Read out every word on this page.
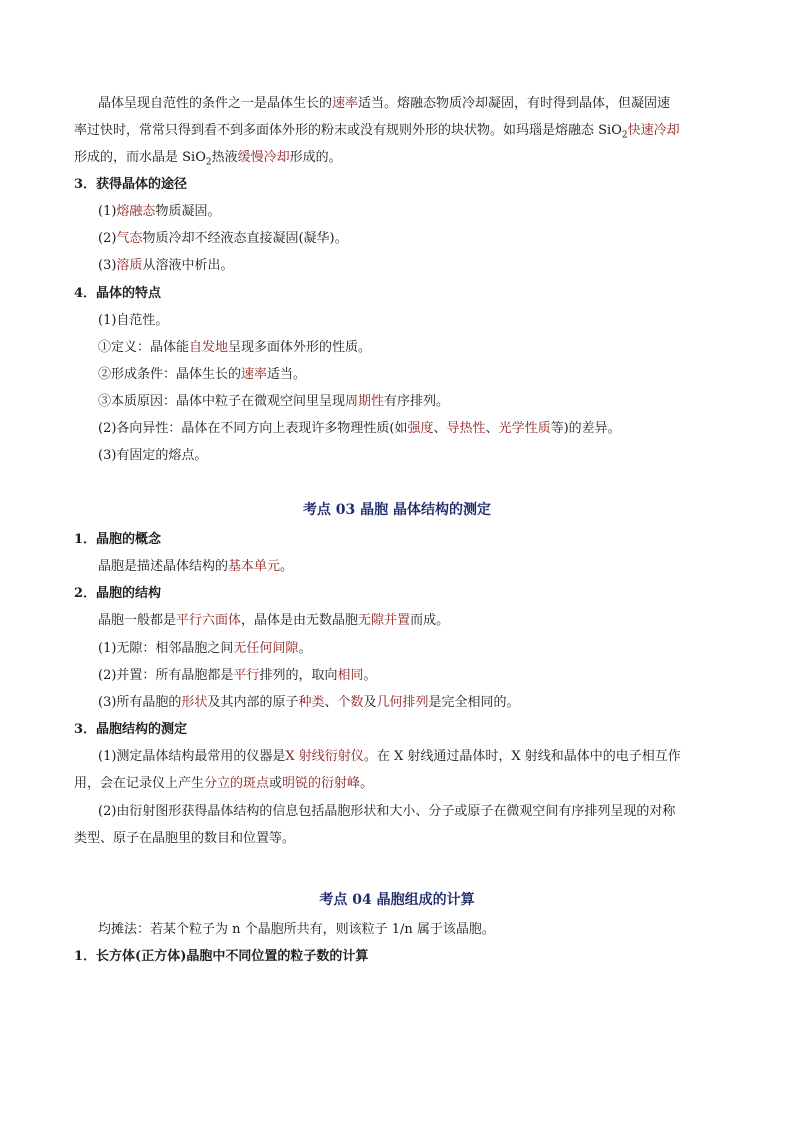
晶体呈现自范性的条件之一是晶体生长的速率适当。熔融态物质冷却凝固，有时得到晶体，但凝固速
率过快时，常常只得到看不到多面体外形的粉末或没有规则外形的块状物。如玛瑙是熔融态 SiO$_2$快速冷却
形成的，而水晶是 SiO$_2$热液缓慢冷却形成的。
3．获得晶体的途径
(1)熔融态物质凝固。
(2)气态物质冷却不经液态直接凝固(凝华)。
(3)溶质从溶液中析出。
4．晶体的特点
(1)自范性。
①定义：晶体能自发地呈现多面体外形的性质。
②形成条件：晶体生长的速率适当。
③本质原因：晶体中粒子在微观空间里呈现周期性有序排列。
(2)各向异性：晶体在不同方向上表现许多物理性质(如强度、导热性、光学性质等)的差异。
(3)有固定的熔点。
考点 03 晶胞 晶体结构的测定
1．晶胞的概念
晶胞是描述晶体结构的基本单元。
2．晶胞的结构
晶胞一般都是平行六面体，晶体是由无数晶胞无隙并置而成。
(1)无隙：相邻晶胞之间无任何间隙。
(2)并置：所有晶胞都是平行排列的，取向相同。
(3)所有晶胞的形状及其内部的原子种类、个数及几何排列是完全相同的。
3．晶胞结构的测定
(1)测定晶体结构最常用的仪器是X 射线衍射仪。在 X 射线通过晶体时，X 射线和晶体中的电子相互作
用，会在记录仪上产生分立的斑点或明锐的衍射峰。
(2)由衍射图形获得晶体结构的信息包括晶胞形状和大小、分子或原子在微观空间有序排列呈现的对称
类型、原子在晶胞里的数目和位置等。
考点 04 晶胞组成的计算
均摊法：若某个粒子为 n 个晶胞所共有，则该粒子 1/n 属于该晶胞。
1．长方体(正方体)晶胞中不同位置的粒子数的计算
